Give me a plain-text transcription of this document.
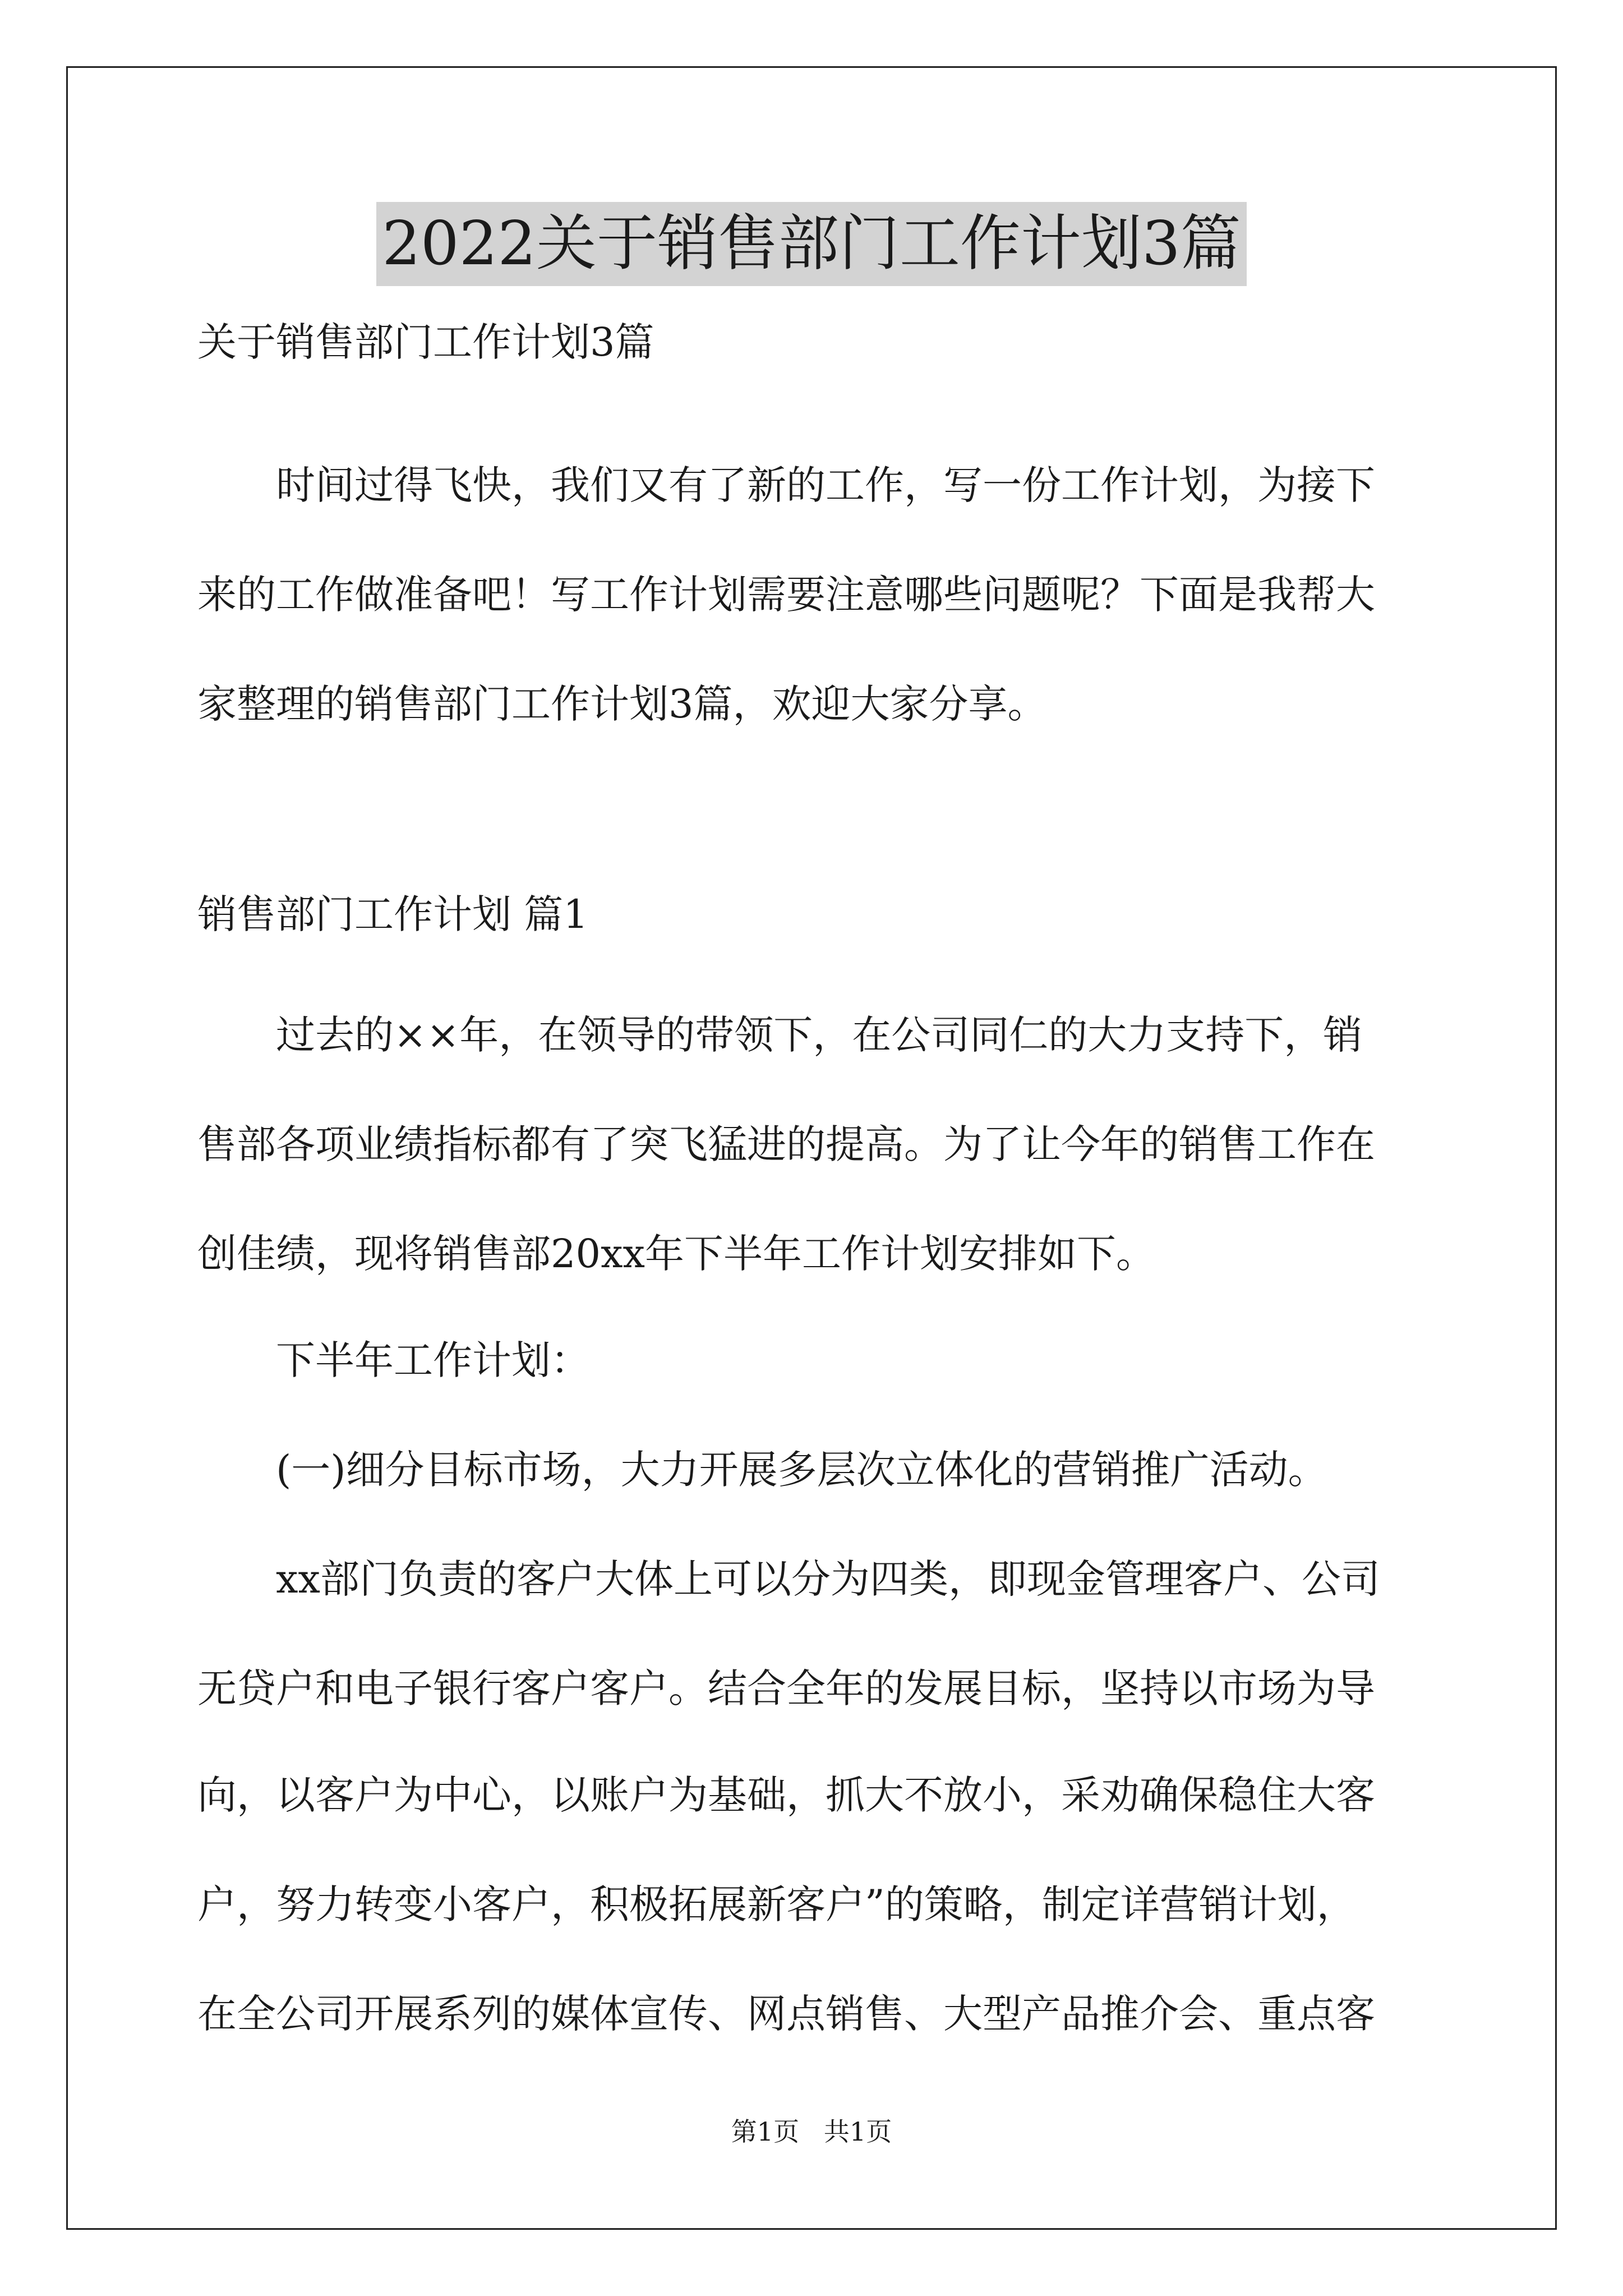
2022关于销售部门工作计划3篇
关于销售部门工作计划3篇
时间过得飞快，我们又有了新的工作，写一份工作计划，为接下
来的工作做准备吧！写工作计划需要注意哪些问题呢？下面是我帮大
家整理的销售部门工作计划3篇，欢迎大家分享。
销售部门工作计划 篇1
过去的××年，在领导的带领下，在公司同仁的大力支持下，销
售部各项业绩指标都有了突飞猛进的提高。为了让今年的销售工作在
创佳绩，现将销售部20xx年下半年工作计划安排如下。
下半年工作计划：
(一)细分目标市场，大力开展多层次立体化的营销推广活动。
xx部门负责的客户大体上可以分为四类，即现金管理客户、公司
无贷户和电子银行客户客户。结合全年的发展目标，坚持以市场为导
向，以客户为中心，以账户为基础，抓大不放小，采劝确保稳住大客
户，努力转变小客户，积极拓展新客户”的策略，制定详营销计划，
在全公司开展系列的媒体宣传、网点销售、大型产品推介会、重点客
第1页   共1页
